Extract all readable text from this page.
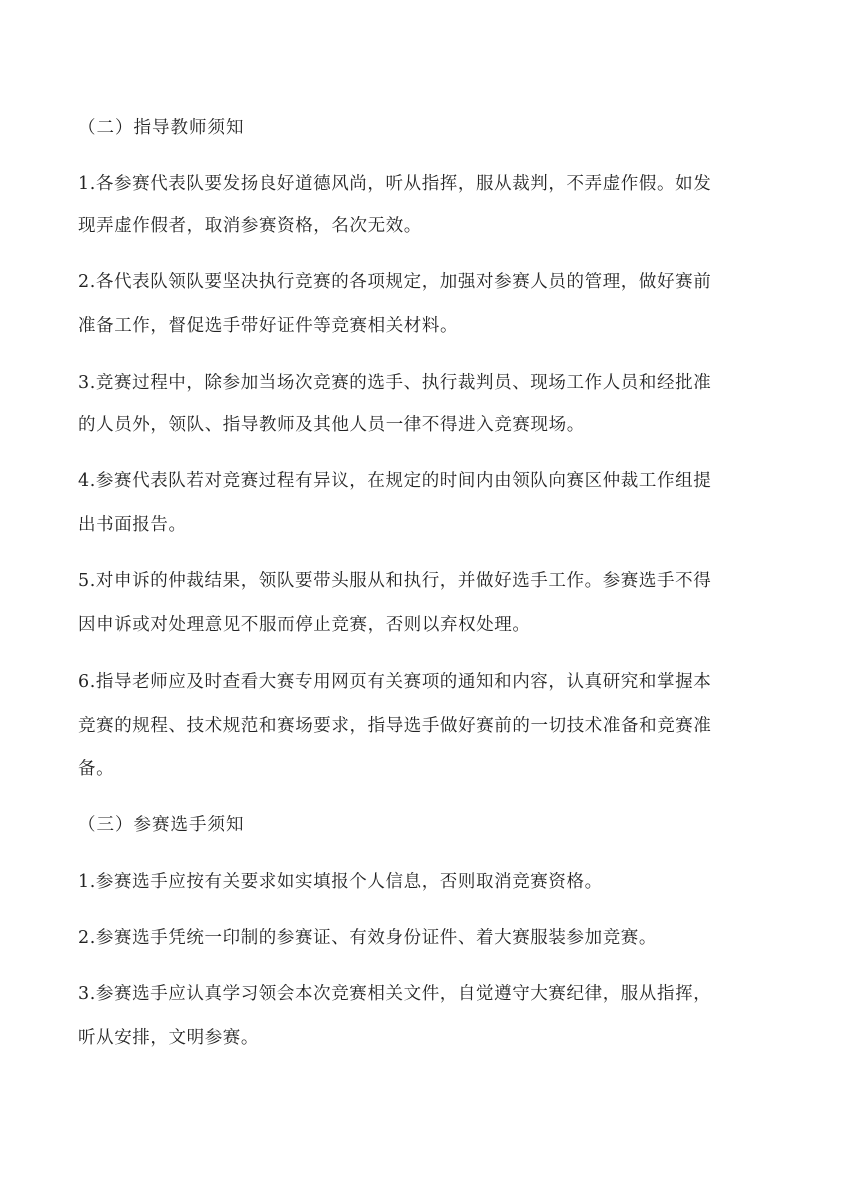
（二）指导教师须知
1.各参赛代表队要发扬良好道德风尚，听从指挥，服从裁判，不弄虚作假。如发
现弄虚作假者，取消参赛资格，名次无效。
2.各代表队领队要坚决执行竞赛的各项规定，加强对参赛人员的管理，做好赛前
准备工作，督促选手带好证件等竞赛相关材料。
3.竞赛过程中，除参加当场次竞赛的选手、执行裁判员、现场工作人员和经批准
的人员外，领队、指导教师及其他人员一律不得进入竞赛现场。
4.参赛代表队若对竞赛过程有异议，在规定的时间内由领队向赛区仲裁工作组提
出书面报告。
5.对申诉的仲裁结果，领队要带头服从和执行，并做好选手工作。参赛选手不得
因申诉或对处理意见不服而停止竞赛，否则以弃权处理。
6.指导老师应及时查看大赛专用网页有关赛项的通知和内容，认真研究和掌握本
竞赛的规程、技术规范和赛场要求，指导选手做好赛前的一切技术准备和竞赛准
备。
（三）参赛选手须知
1.参赛选手应按有关要求如实填报个人信息，否则取消竞赛资格。
2.参赛选手凭统一印制的参赛证、有效身份证件、着大赛服装参加竞赛。
3.参赛选手应认真学习领会本次竞赛相关文件，自觉遵守大赛纪律，服从指挥，
听从安排，文明参赛。
